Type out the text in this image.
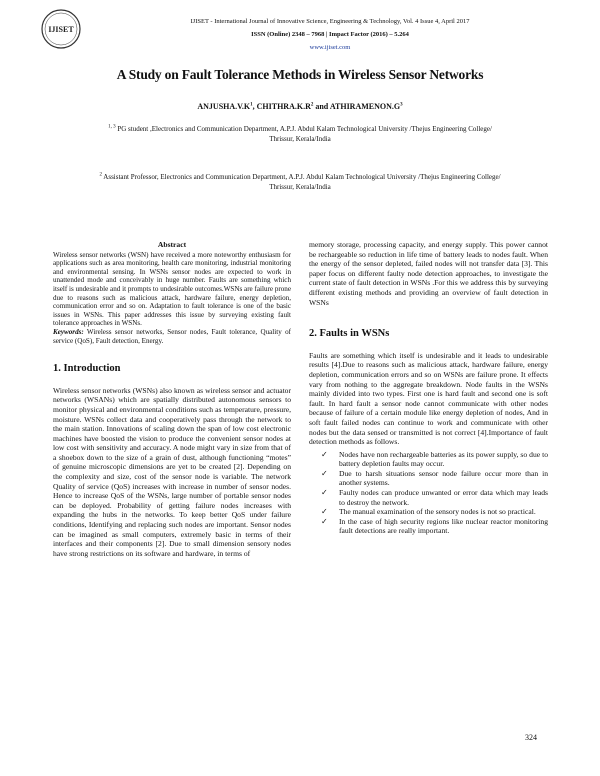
IJISET
IJISET - International Journal of Innovative Science, Engineering & Technology, Vol. 4 Issue 4, April 2017
ISSN (Online) 2348 – 7968 | Impact Factor (2016) – 5.264
www.ijiset.com
A Study on Fault Tolerance Methods in Wireless Sensor Networks
$ANJUSHA.V.K^1$, $CHITHRA.K.R^2$ and $ATHIRAMENON.G^3$
$^{1, 3}$ PG student ,Electronics and Communication Department, A.P.J. Abdul Kalam Technological University /Thejus Engineering College/
Thrissur, Kerala/India
$^2$ Assistant Professor, Electronics and Communication Department, A.P.J. Abdul Kalam Technological University /Thejus Engineering College/
Thrissur, Kerala/India
Abstract

Wireless sensor networks (WSN) have received a more noteworthy enthusiasm for applications such as area monitoring, health care monitoring, industrial monitoring and environmental sensing. In WSNs sensor nodes are expected to work in unattended mode and conceivably in huge number. Faults are something which itself is undesirable and it prompts to undesirable outcomes.WSNs are failure prone due to reasons such as malicious attack, hardware failure, energy depletion, communication error and so on. Adaptation to fault tolerance is one of the basic issues in WSNs. This paper addresses this issue by surveying existing fault tolerance approaches in WSNs.

Keywords: Wireless sensor networks, Sensor nodes, Fault tolerance, Quality of service (QoS), Fault detection, Energy.

1. Introduction

Wireless sensor networks (WSNs) also known as wireless sensor and actuator networks (WSANs) which are spatially distributed autonomous sensors to monitor physical and environmental conditions such as temperature, pressure, moisture. WSNs collect data and cooperatively pass through the network to the main station. Innovations of scaling down the span of low cost electronic machines have boosted the vision to produce the convenient sensor nodes at low cost with sensitivity and accuracy. A node might vary in size from that of a shoebox down to the size of a grain of dust, although functioning “motes” of genuine microscopic dimensions are yet to be created [2]. Depending on the complexity and size, cost of the sensor node is variable. The network Quality of service (QoS) increases with increase in number of sensor nodes. Hence to increase QoS of the WSNs, large number of portable sensor nodes can be deployed. Probability of getting failure nodes increases with expanding the hubs in the networks. To keep better QoS under failure conditions, Identifying and replacing such nodes are important. Sensor nodes can be imagined as small computers, extremely basic in terms of their interfaces and their components [2]. Due to small dimension sensory nodes have strong restrictions on its software and hardware, in terms of

memory storage, processing capacity, and energy supply. This power cannot be rechargeable so reduction in life time of battery leads to nodes fault. When the energy of the sensor depleted, failed nodes will not transfer data [3]. This paper focus on different faulty node detection approaches, to investigate the current state of fault detection in WSNs .For this we address this by surveying different existing methods and providing an overview of fault detection in WSNs

2. Faults in WSNs

Faults are something which itself is undesirable and it leads to undesirable results [4].Due to reasons such as malicious attack, hardware failure, energy depletion, communication errors and so on WSNs are failure prone. It effects vary from nothing to the aggregate breakdown. Node faults in the WSNs mainly divided into two types. First one is hard fault and second one is soft fault. In hard fault a sensor node cannot communicate with other nodes because of failure of a certain module like energy depletion of nodes, And in soft fault failed nodes can continue to work and communicate with other nodes but the data sensed or transmitted is not correct [4].Importance of fault detection methods as follows.

✓ Nodes have non rechargeable batteries as its power supply, so due to battery depletion faults may occur.
✓ Due to harsh situations sensor node failure occur more than in another systems.
✓ Faulty nodes can produce unwanted or error data which may leads to destroy the network.
✓ The manual examination of the sensory nodes is not so practical.
✓ In the case of high security regions like nuclear reactor monitoring fault detections are really important.
324
